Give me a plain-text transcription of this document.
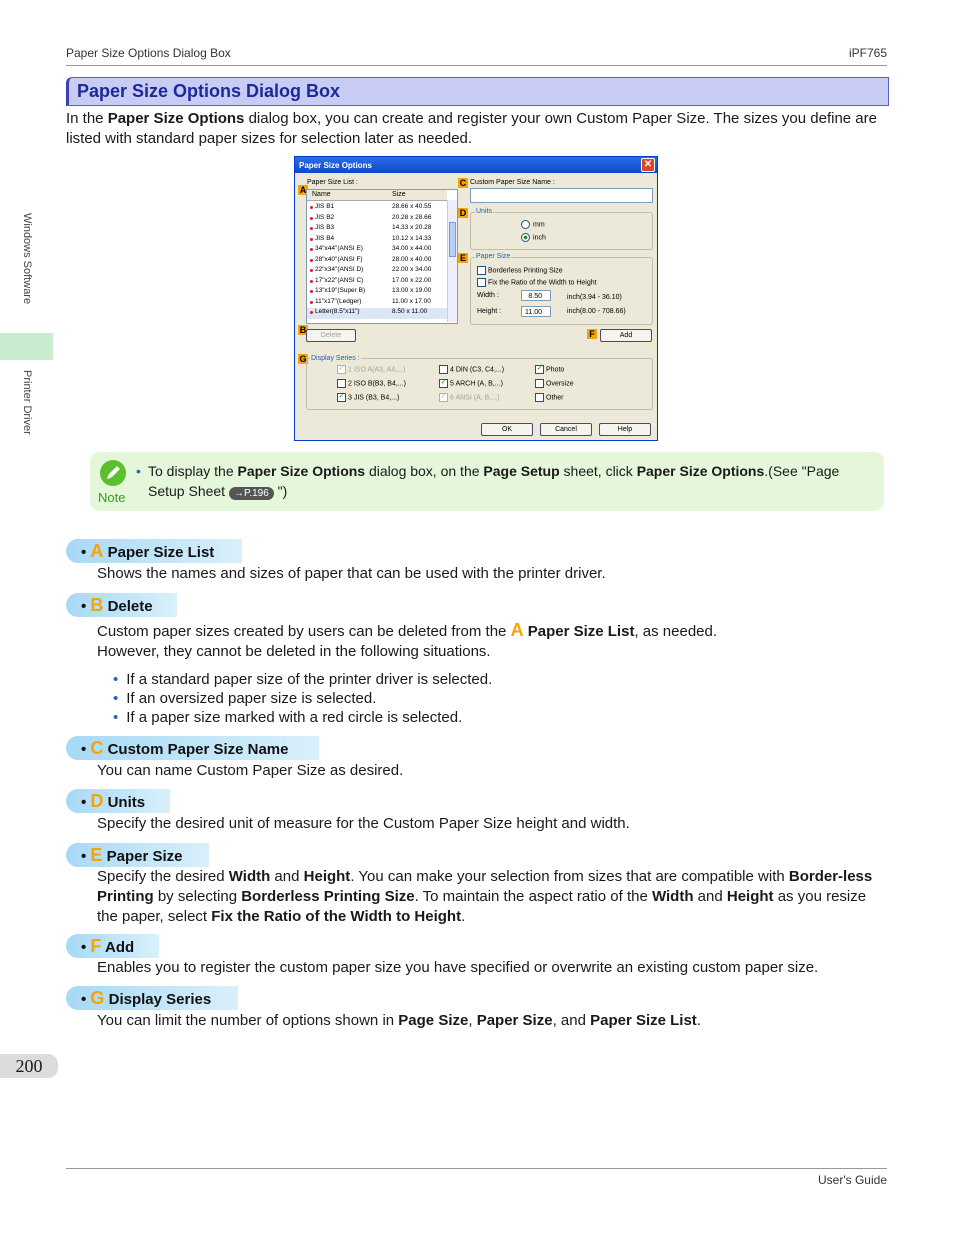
Paper Size Options Dialog Box	iPF765
Windows Software
Printer Driver
Paper Size Options Dialog Box
In the Paper Size Options dialog box, you can create and register your own Custom Paper Size. The sizes you define are listed with standard paper sizes for selection later as needed.
Paper Size Options	✕
A
Paper Size List :
Name	Size
JIS B1	28.66 x 40.55
JIS B2	20.28 x 28.66
JIS B3	14.33 x 20.28
JIS B4	10.12 x 14.33
34"x44"(ANSI E)	34.00 x 44.00
28"x40"(ANSI F)	28.00 x 40.00
22"x34"(ANSI D)	22.00 x 34.00
17"x22"(ANSI C)	17.00 x 22.00
13"x19"(Super B)	13.00 x 19.00
11"x17"(Ledger)	11.00 x 17.00
Letter(8.5"x11")	8.50 x 11.00
B
Delete
C Custom Paper Size Name :
D Units
mm
inch
E Paper Size
Borderless Printing Size
Fix the Ratio of the Width to Height
Width :	8.50	inch(3.94 - 36.10)
Height :	11.00	inch(8.00 - 708.66)
F	Add
G Display Series :
✓ 1 ISO A(A3, A4,...)	4 DIN (C3, C4,...)	✓ Photo
2 ISO B(B3, B4,...)	✓ 5 ARCH (A, B,...)	Oversize
✓ 3 JIS (B3, B4,...)	✓ 6 ANSI (A, B,...)	Other
OK	Cancel	Help
Note
• To display the Paper Size Options dialog box, on the Page Setup sheet, click Paper Size Options.(See "Page Setup Sheet →P.196 ")
• A Paper Size List
Shows the names and sizes of paper that can be used with the printer driver.
• B Delete
Custom paper sizes created by users can be deleted from the A Paper Size List, as needed.
However, they cannot be deleted in the following situations.
• If a standard paper size of the printer driver is selected.
• If an oversized paper size is selected.
• If a paper size marked with a red circle is selected.
• C Custom Paper Size Name
You can name Custom Paper Size as desired.
• D Units
Specify the desired unit of measure for the Custom Paper Size height and width.
• E Paper Size
Specify the desired Width and Height. You can make your selection from sizes that are compatible with Border-less Printing by selecting Borderless Printing Size. To maintain the aspect ratio of the Width and Height as you resize the paper, select Fix the Ratio of the Width to Height.
• F Add
Enables you to register the custom paper size you have specified or overwrite an existing custom paper size.
• G Display Series
You can limit the number of options shown in Page Size, Paper Size, and Paper Size List.
200
User's Guide
